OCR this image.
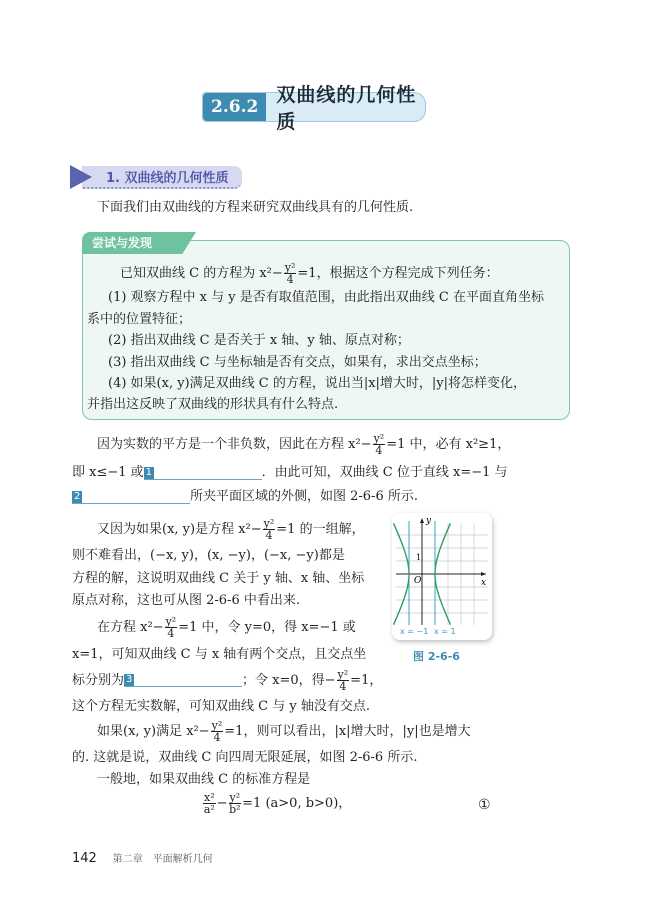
2.6.2
双曲线的几何性质
1. 双曲线的几何性质
下面我们由双曲线的方程来研究双曲线具有的几何性质.
尝试与发现
已知双曲线 C 的方程为 $x^2- \frac{\text{y²}}{4} =1$，根据这个方程完成下列任务：
(1) 观察方程中 x 与 y 是否有取值范围，由此指出双曲线 C 在平面直角坐标
系中的位置特征；
(2) 指出双曲线 C 是否关于 x 轴、y 轴、原点对称；
(3) 指出双曲线 C 与坐标轴是否有交点，如果有，求出交点坐标；
(4) 如果(x, y)满足双曲线 C 的方程，说出当|x|增大时，|y|将怎样变化，
并指出这反映了双曲线的形状具有什么特点.
因为实数的平方是一个非负数，因此在方程 $x^2- \frac{\text{y²}}{4} =1$ 中，必有 x²≥1，
即 x≤−1 或 1	．由此可知，双曲线 C 位于直线 x=−1 与
2	所夹平面区域的外侧，如图 2-6-6 所示.
又因为如果(x, y)是方程 $x^2- \frac{\text{y²}}{4} =1$ 的一组解，
则不难看出，(−x, y)，(x, −y)，(−x, −y)都是
方程的解，这说明双曲线 C 关于 y 轴、x 轴、坐标
原点对称，这也可从图 2-6-6 中看出来.
在方程 $x^2- \frac{\text{y²}}{4} =1$ 中，令 y=0，得 x=−1 或
x=1，可知双曲线 C 与 x 轴有两个交点，且交点坐
标分别为 3	；令 x=0，得− $\frac{\text{y²}}{4} =1$，
这个方程无实数解，可知双曲线 C 与 y 轴没有交点.
如果(x, y)满足 $x^2- \frac{\text{y²}}{4} =1$，则可以看出，|x|增大时，|y|也是增大
的. 这就是说，双曲线 C 向四周无限延展，如图 2-6-6 所示.
一般地，如果双曲线 C 的标准方程是
$\frac{\text{x²}}{\text{a²}} - \frac{\text{y²}}{\text{b²}} =1$ (a>0, b>0)，	①
y
x
O
1
x = −1 x = 1
图 2-6-6
142 第二章　平面解析几何
